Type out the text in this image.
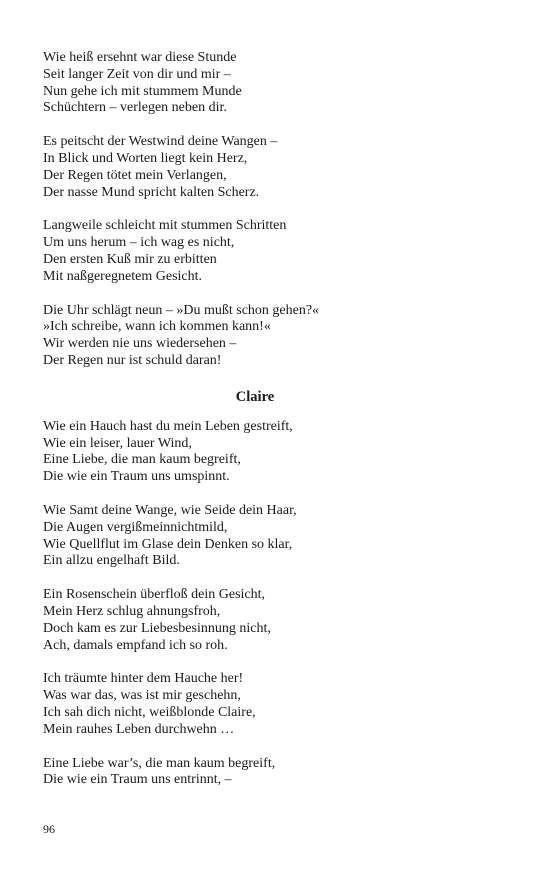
Wie heiß ersehnt war diese Stunde
Seit langer Zeit von dir und mir –
Nun gehe ich mit stummem Munde
Schüchtern – verlegen neben dir.
Es peitscht der Westwind deine Wangen –
In Blick und Worten liegt kein Herz,
Der Regen tötet mein Verlangen,
Der nasse Mund spricht kalten Scherz.
Langweile schleicht mit stummen Schritten
Um uns herum – ich wag es nicht,
Den ersten Kuß mir zu erbitten
Mit naßgeregnetem Gesicht.
Die Uhr schlägt neun – »Du mußt schon gehen?«
»Ich schreibe, wann ich kommen kann!«
Wir werden nie uns wiedersehen –
Der Regen nur ist schuld daran!
Claire
Wie ein Hauch hast du mein Leben gestreift,
Wie ein leiser, lauer Wind,
Eine Liebe, die man kaum begreift,
Die wie ein Traum uns umspinnt.
Wie Samt deine Wange, wie Seide dein Haar,
Die Augen vergißmeinnichtmild,
Wie Quellflut im Glase dein Denken so klar,
Ein allzu engelhaft Bild.
Ein Rosenschein überfloß dein Gesicht,
Mein Herz schlug ahnungsfroh,
Doch kam es zur Liebesbesinnung nicht,
Ach, damals empfand ich so roh.
Ich träumte hinter dem Hauche her!
Was war das, was ist mir geschehn,
Ich sah dich nicht, weißblonde Claire,
Mein rauhes Leben durchwehn …
Eine Liebe war’s, die man kaum begreift,
Die wie ein Traum uns entrinnt, –
96
